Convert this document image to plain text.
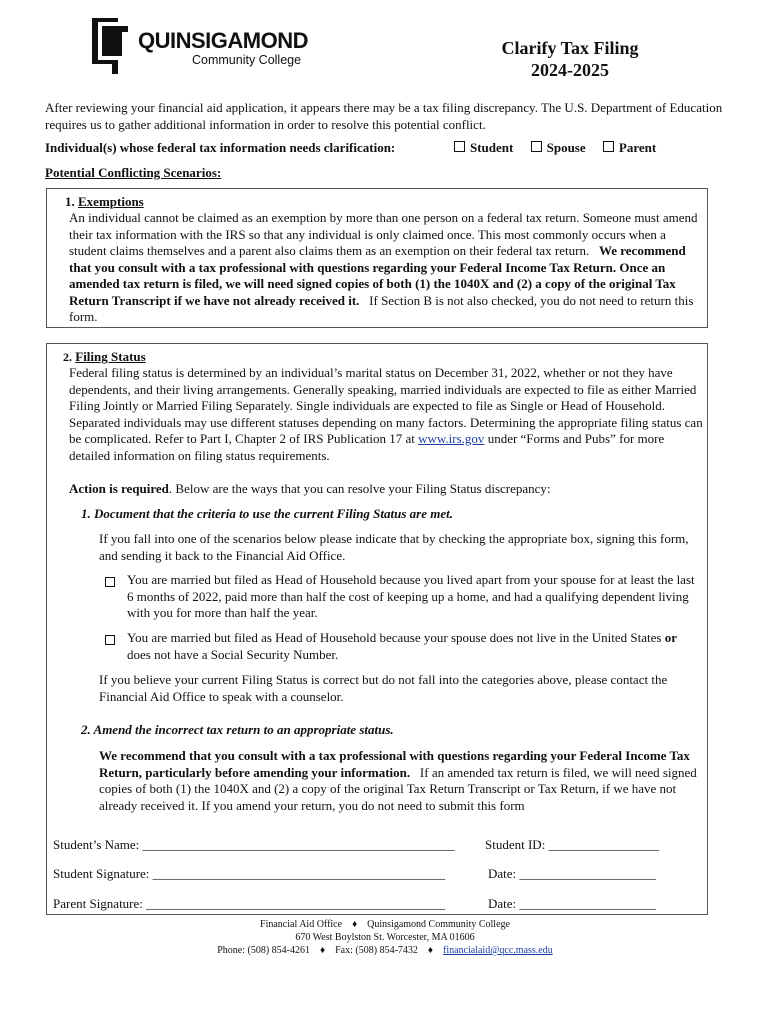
QUINSIGAMOND
Community College
Clarify Tax Filing
2024-2025
After reviewing your financial aid application, it appears there may be a tax filing discrepancy. The U.S. Department of Education requires us to gather additional information in order to resolve this potential conflict.
Individual(s) whose federal tax information needs clarification:	Student	Spouse	Parent
Potential Conflicting Scenarios:
1. Exemptions
An individual cannot be claimed as an exemption by more than one person on a federal tax return. Someone must amend their tax information with the IRS so that any individual is only claimed once. This most commonly occurs when a student claims themselves and a parent also claims them as an exemption on their federal tax return. We recommend that you consult with a tax professional with questions regarding your Federal Income Tax Return. Once an amended tax return is filed, we will need signed copies of both (1) the 1040X and (2) a copy of the original Tax Return Transcript if we have not already received it. If Section B is not also checked, you do not need to return this form.
2. Filing Status
Federal filing status is determined by an individual’s marital status on December 31, 2022, whether or not they have dependents, and their living arrangements. Generally speaking, married individuals are expected to file as either Married Filing Jointly or Married Filing Separately. Single individuals are expected to file as Single or Head of Household. Separated individuals may use different statuses depending on many factors. Determining the appropriate filing status can be complicated. Refer to Part I, Chapter 2 of IRS Publication 17 at www.irs.gov under “Forms and Pubs” for more detailed information on filing status requirements.
Action is required. Below are the ways that you can resolve your Filing Status discrepancy:
1. Document that the criteria to use the current Filing Status are met.
If you fall into one of the scenarios below please indicate that by checking the appropriate box, signing this form, and sending it back to the Financial Aid Office.
You are married but filed as Head of Household because you lived apart from your spouse for at least the last 6 months of 2022, paid more than half the cost of keeping up a home, and had a qualifying dependent living with you for more than half the year.
You are married but filed as Head of Household because your spouse does not live in the United States or does not have a Social Security Number.
If you believe your current Filing Status is correct but do not fall into the categories above, please contact the Financial Aid Office to speak with a counselor.
2. Amend the incorrect tax return to an appropriate status.
We recommend that you consult with a tax professional with questions regarding your Federal Income Tax Return, particularly before amending your information. If an amended tax return is filed, we will need signed copies of both (1) the 1040X and (2) a copy of the original Tax Return Transcript or Tax Return, if we have not already received it. If you amend your return, you do not need to submit this form
Student’s Name: ________________________________________________ Student ID: _________________
Student Signature: _____________________________________________	Date: _____________________
Parent Signature: ______________________________________________	Date: _____________________
Financial Aid Office ♦ Quinsigamond Community College
670 West Boylston St. Worcester, MA 01606
Phone: (508) 854-4261 ♦ Fax: (508) 854-7432 ♦ financialaid@qcc.mass.edu
